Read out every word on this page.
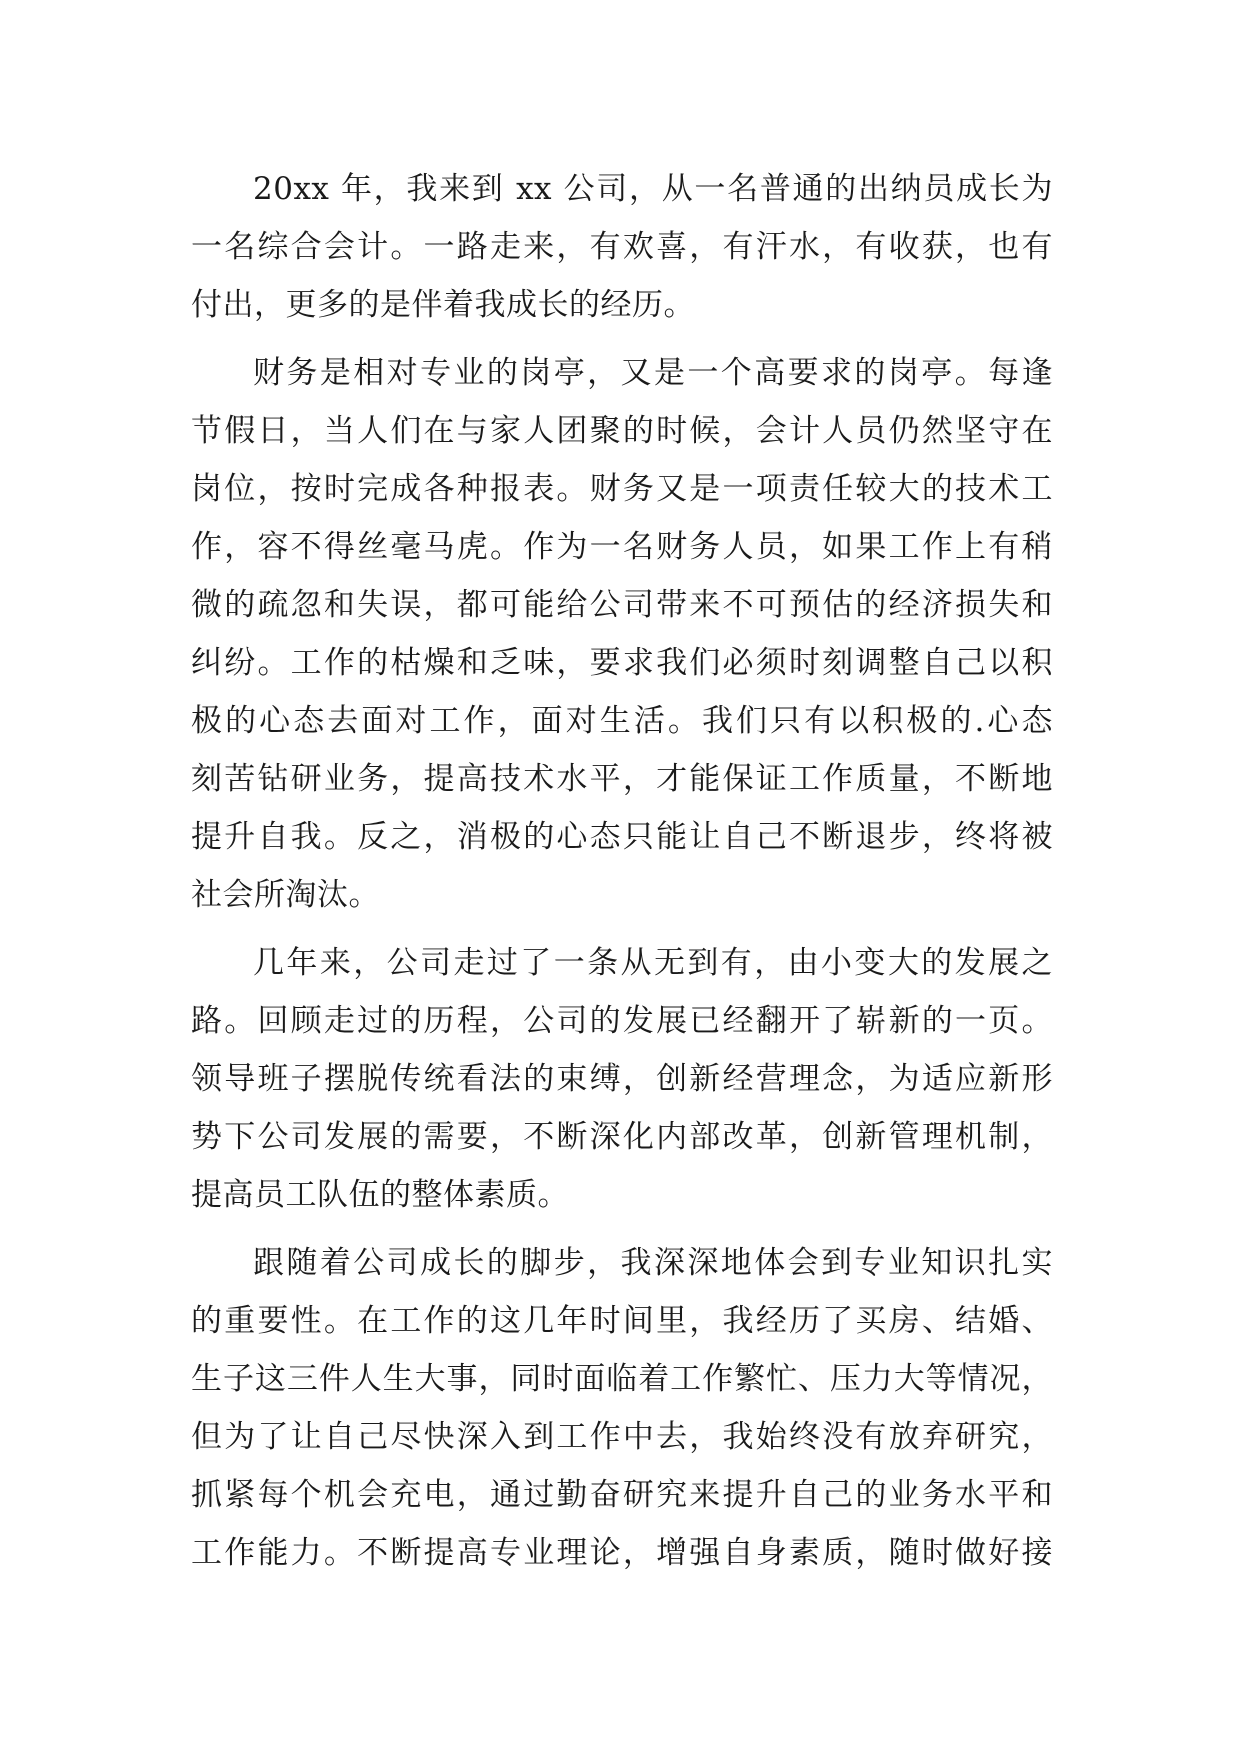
20xx 年，我来到 xx 公司，从一名普通的出纳员成长为
一名综合会计。一路走来，有欢喜，有汗水，有收获，也有
付出，更多的是伴着我成长的经历。

财务是相对专业的岗亭，又是一个高要求的岗亭。每逢
节假日，当人们在与家人团聚的时候，会计人员仍然坚守在
岗位，按时完成各种报表。财务又是一项责任较大的技术工
作，容不得丝毫马虎。作为一名财务人员，如果工作上有稍
微的疏忽和失误，都可能给公司带来不可预估的经济损失和
纠纷。工作的枯燥和乏味，要求我们必须时刻调整自己以积
极的心态去面对工作，面对生活。我们只有以积极的.心态
刻苦钻研业务，提高技术水平，才能保证工作质量，不断地
提升自我。反之，消极的心态只能让自己不断退步，终将被
社会所淘汰。

几年来，公司走过了一条从无到有，由小变大的发展之
路。回顾走过的历程，公司的发展已经翻开了崭新的一页。
领导班子摆脱传统看法的束缚，创新经营理念，为适应新形
势下公司发展的需要，不断深化内部改革，创新管理机制，
提高员工队伍的整体素质。

跟随着公司成长的脚步，我深深地体会到专业知识扎实
的重要性。在工作的这几年时间里，我经历了买房、结婚、
生子这三件人生大事，同时面临着工作繁忙、压力大等情况，
但为了让自己尽快深入到工作中去，我始终没有放弃研究，
抓紧每个机会充电，通过勤奋研究来提升自己的业务水平和
工作能力。不断提高专业理论，增强自身素质，随时做好接
